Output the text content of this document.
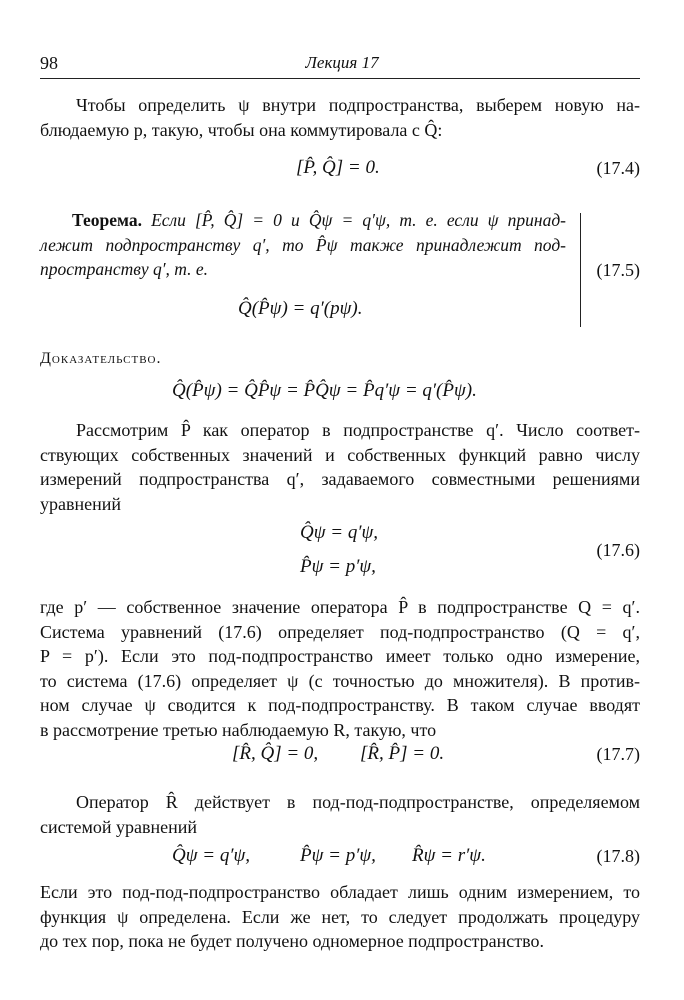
98	Лекция 17
Чтобы определить ψ внутри подпространства, выберем новую на-
блюдаемую p, такую, чтобы она коммутировала с Q̂:
[P̂, Q̂] = 0.	(17.4)
Теорема. Если [P̂, Q̂] = 0 и Q̂ψ = q′ψ, т. е. если ψ принад-
лежит подпространству q′, то P̂ψ также принадлежит под-
пространству q′, т. е.
Q̂(P̂ψ) = q′(pψ).
(17.5)
Доказательство.
Q̂(P̂ψ) = Q̂P̂ψ = P̂Q̂ψ = P̂q′ψ = q′(P̂ψ).
Рассмотрим P̂ как оператор в подпространстве q′. Число соответ-
ствующих собственных значений и собственных функций равно числу
измерений подпространства q′, задаваемого совместными решениями
уравнений
Q̂ψ = q′ψ,
P̂ψ = p′ψ,
(17.6)
где p′ — собственное значение оператора P̂ в подпространстве Q = q′.
Система уравнений (17.6) определяет под-подпространство (Q = q′,
P = p′). Если это под-подпространство имеет только одно измерение,
то система (17.6) определяет ψ (с точностью до множителя). В против-
ном случае ψ сводится к под-подпространству. В таком случае вводят
в рассмотрение третью наблюдаемую R, такую, что
[R̂, Q̂] = 0, [R̂, P̂] = 0.	(17.7)
Оператор R̂ действует в под-под-подпространстве, определяемом
системой уравнений
Q̂ψ = q′ψ,	P̂ψ = p′ψ, R̂ψ = r′ψ.	(17.8)
Если это под-под-подпространство обладает лишь одним измерением, то
функция ψ определена. Если же нет, то следует продолжать процедуру
до тех пор, пока не будет получено одномерное подпространство.
